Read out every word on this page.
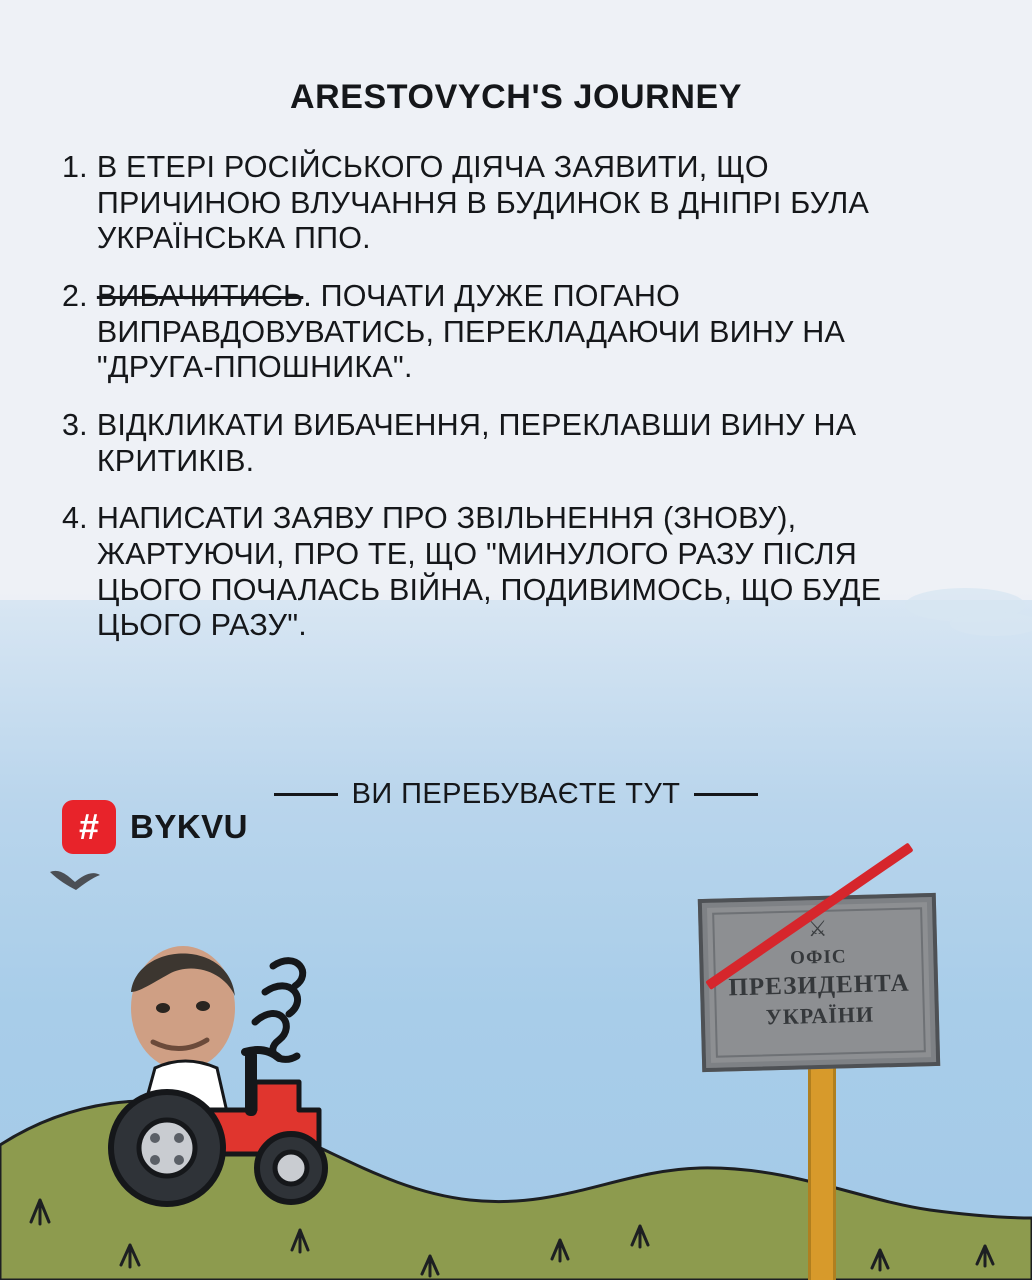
ARESTOVYCH'S JOURNEY
1. В ЕТЕРІ РОСІЙСЬКОГО ДІЯЧА ЗАЯВИТИ, ЩО ПРИЧИНОЮ ВЛУЧАННЯ В БУДИНОК В ДНІПРІ БУЛА УКРАЇНСЬКА ППО.
2. ВИБАЧИТИСЬ. ПОЧАТИ ДУЖЕ ПОГАНО ВИПРАВДОВУВАТИСЬ, ПЕРЕКЛАДАЮЧИ ВИНУ НА "ДРУГА-ППОШНИКА".
3. ВІДКЛИКАТИ ВИБАЧЕННЯ, ПЕРЕКЛАВШИ ВИНУ НА КРИТИКІВ.
4. НАПИСАТИ ЗАЯВУ ПРО ЗВІЛЬНЕННЯ (ЗНОВУ), ЖАРТУЮЧИ, ПРО ТЕ, ЩО "МИНУЛОГО РАЗУ ПІСЛЯ ЦЬОГО ПОЧАЛАСЬ ВІЙНА, ПОДИВИМОСЬ, ЩО БУДЕ ЦЬОГО РАЗУ".
ВИ ПЕРЕБУВАЄТЕ ТУТ
# BYKVU
⚔
ОФІС
ПРЕЗИДЕНТА
УКРАЇНИ
